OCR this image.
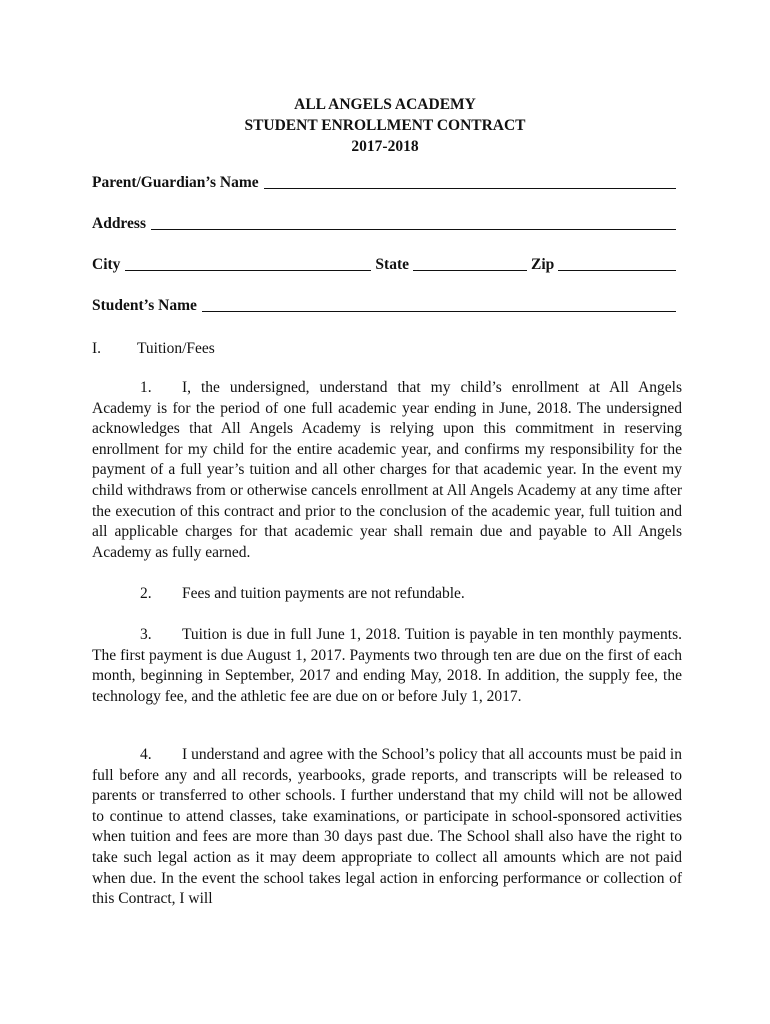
ALL ANGELS ACADEMY
STUDENT ENROLLMENT CONTRACT
2017-2018
Parent/Guardian’s Name
Address
City	State	Zip
Student’s Name
I. Tuition/Fees

1. I, the undersigned, understand that my child’s enrollment at All Angels Academy is for the period of one full academic year ending in June, 2018. The undersigned acknowledges that All Angels Academy is relying upon this commitment in reserving enrollment for my child for the entire academic year, and confirms my responsibility for the payment of a full year’s tuition and all other charges for that academic year. In the event my child withdraws from or otherwise cancels enrollment at All Angels Academy at any time after the execution of this contract and prior to the conclusion of the academic year, full tuition and all applicable charges for that academic year shall remain due and payable to All Angels Academy as fully earned.

2. Fees and tuition payments are not refundable.

3. Tuition is due in full June 1, 2018. Tuition is payable in ten monthly payments. The first payment is due August 1, 2017. Payments two through ten are due on the first of each month, beginning in September, 2017 and ending May, 2018. In addition, the supply fee, the technology fee, and the athletic fee are due on or before July 1, 2017.

4. I understand and agree with the School’s policy that all accounts must be paid in full before any and all records, yearbooks, grade reports, and transcripts will be released to parents or transferred to other schools. I further understand that my child will not be allowed to continue to attend classes, take examinations, or participate in school-sponsored activities when tuition and fees are more than 30 days past due. The School shall also have the right to take such legal action as it may deem appropriate to collect all amounts which are not paid when due. In the event the school takes legal action in enforcing performance or collection of this Contract, I will
